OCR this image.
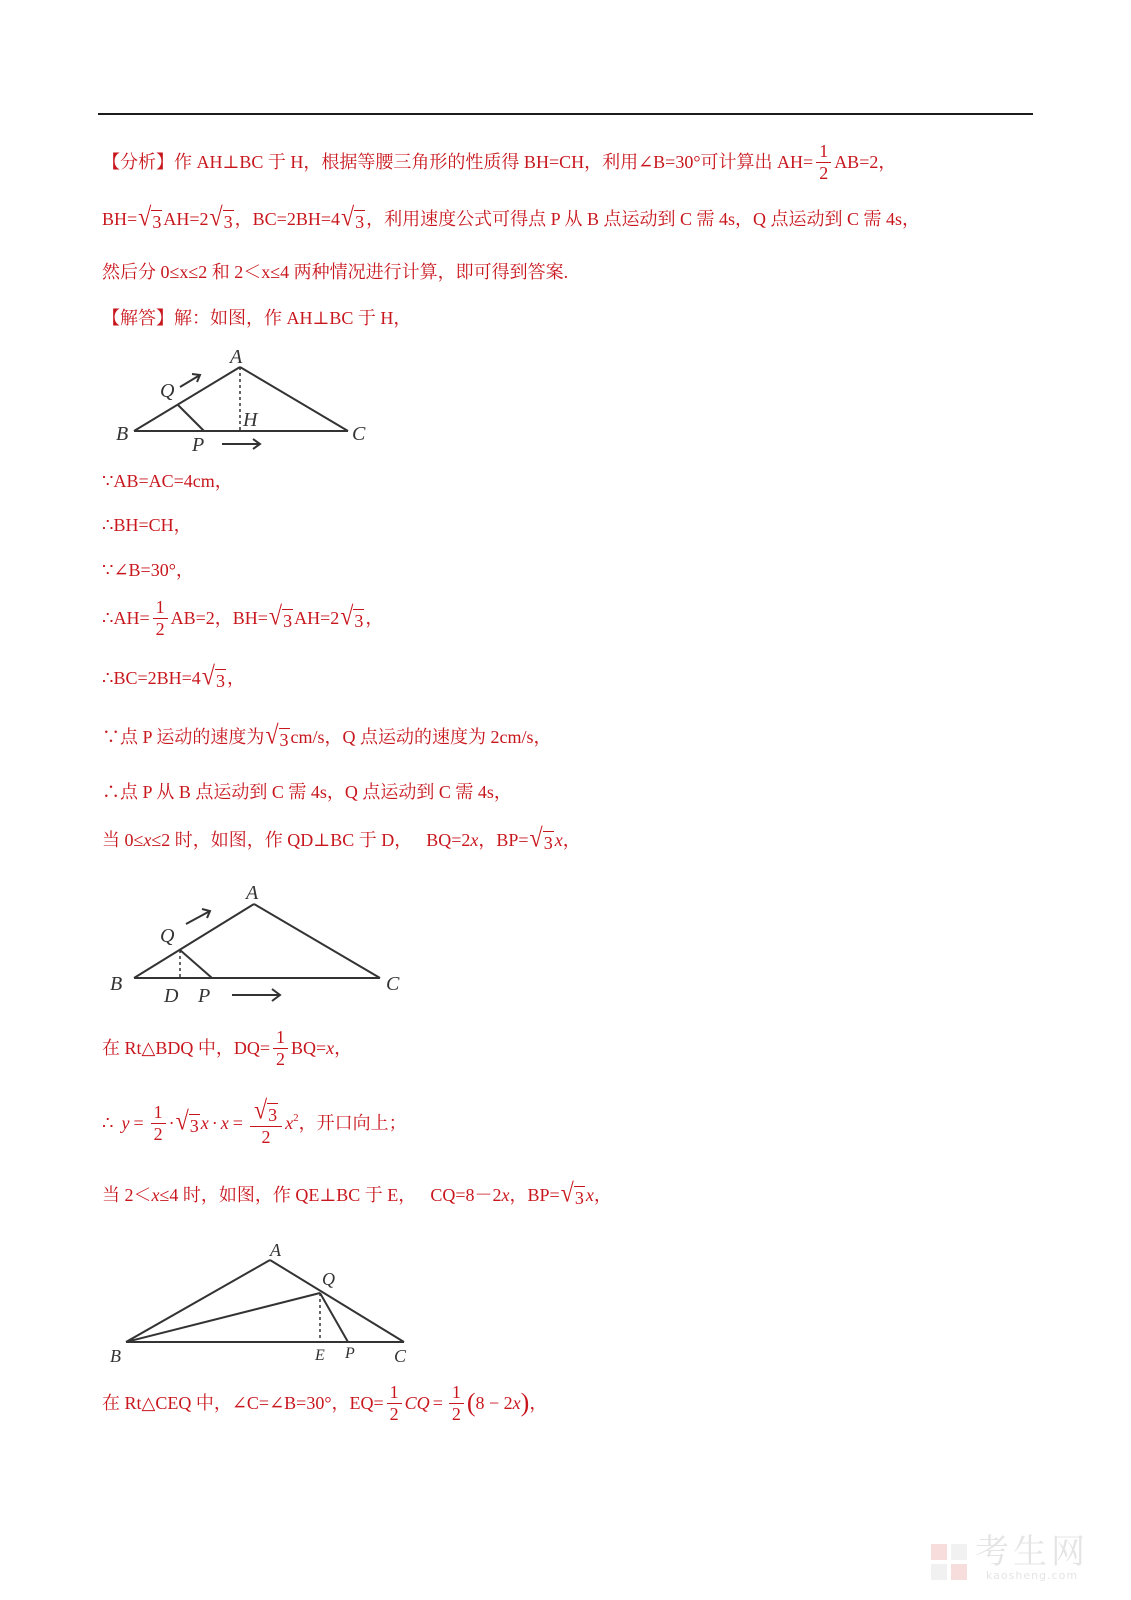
【分析】作 AH⊥BC 于 H，根据等腰三角形的性质得 BH=CH，利用∠B=30°可计算出 $AH= \frac{1}{2} AB=2$，
BH= √ 3 AH=2 √ 3 ，BC=2BH=4 √ 3 ，利用速度公式可得点 P 从 B 点运动到 C 需 4s，Q 点运动到 C 需 4s，
然后分 0≤x≤2 和 2＜x≤4 两种情况进行计算，即可得到答案.
【解答】解：如图，作 AH⊥BC 于 H，
A
B	C
H
P
Q
∵AB=AC=4cm，
∴BH=CH，
∵∠B=30°，
∴AH= $\frac{1}{2} AB=2$，BH= √ 3 AH=2 √ 3 ，
∴BC=2BH=4 √ 3 ，
∵点 P 运动的速度为 √ 3 cm/s，Q 点运动的速度为 2cm/s，
∴点 P 从 B 点运动到 C 需 4s，Q 点运动到 C 需 4s，
当 0≤ x ≤2 时，如图，作 QD⊥BC 于 D， BQ=2 x ，BP= √ 3 x ，
A
B	C
D P
Q
在 Rt△BDQ 中，$DQ= \frac{1}{2} BQ= x$ ，
∴ $y = \frac{1}{2}$ · √ 3 $x \cdot x = \frac{√ 3}{2} x^2$ ，开口向上；
当 2＜ x ≤4 时，如图，作 QE⊥BC 于 E， CQ=8－2 x ，BP= √ 3 x ，
A
B	C
E P
Q
在 Rt△CEQ 中，∠C=∠B=30°，$EQ= \frac{1}{2}$ CQ = $\frac{1}{2}$ ( 8 − 2 x ) ，
考生网
kaosheng.com
